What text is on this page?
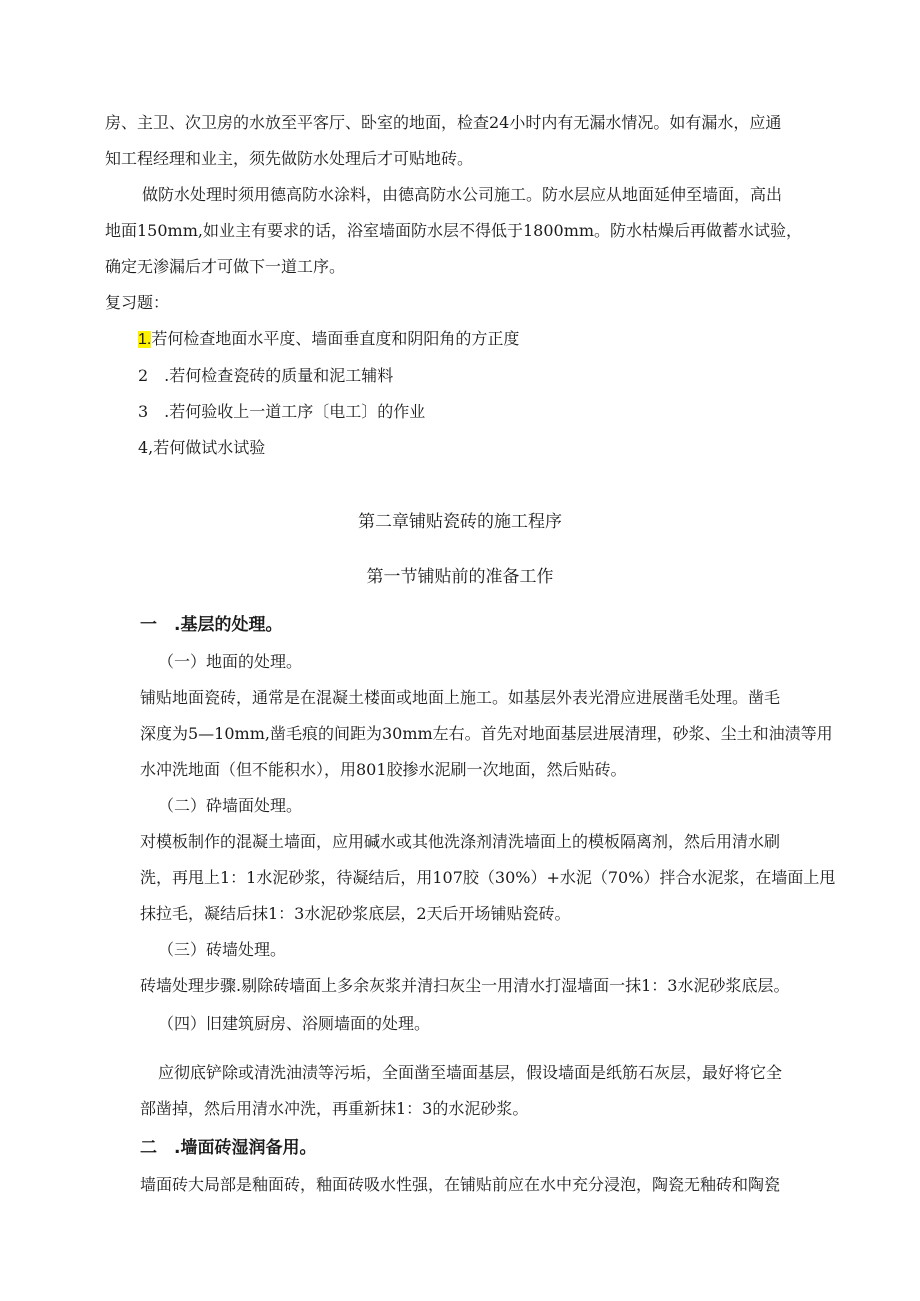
房、主卫、次卫房的水放至平客厅、卧室的地面，检查24小时内有无漏水情况。如有漏水，应通
知工程经理和业主，须先做防水处理后才可贴地砖。
做防水处理时须用德高防水涂料，由德高防水公司施工。防水层应从地面延伸至墙面，高出
地面150mm,如业主有要求的话，浴室墙面防水层不得低于1800mm。防水枯燥后再做蓄水试验，
确定无渗漏后才可做下一道工序。
复习题：
1.若何检查地面水平度、墙面垂直度和阴阳角的方正度
2　.若何检查瓷砖的质量和泥工辅料
3　.若何验收上一道工序〔电工〕的作业
4,若何做试水试验
第二章铺贴瓷砖的施工程序
第一节铺贴前的准备工作
一　.基层的处理。
（一）地面的处理。
铺贴地面瓷砖，通常是在混凝土楼面或地面上施工。如基层外表光滑应进展凿毛处理。凿毛
深度为5—10mm,凿毛痕的间距为30mm左右。首先对地面基层进展清理，砂浆、尘土和油渍等用
水冲洗地面（但不能积水），用801胶掺水泥刷一次地面，然后贴砖。
（二）砕墙面处理。
对模板制作的混凝土墙面，应用碱水或其他洗涤剂清洗墙面上的模板隔离剂，然后用清水刷
洗，再甩上1：1水泥砂浆，待凝结后，用107胶（30%）+水泥（70%）拌合水泥浆，在墙面上甩
抹拉毛，凝结后抹1：3水泥砂浆底层，2天后开场铺贴瓷砖。
（三）砖墙处理。
砖墙处理步骤.剔除砖墙面上多余灰浆并清扫灰尘一用清水打湿墙面一抹1：3水泥砂浆底层。
（四）旧建筑厨房、浴厕墙面的处理。
应彻底铲除或清洗油渍等污垢，全面凿至墙面基层，假设墙面是纸筋石灰层，最好将它全
部凿掉，然后用清水冲洗，再重新抹1：3的水泥砂浆。
二　.墙面砖湿润备用。
墙面砖大局部是釉面砖，釉面砖吸水性强，在铺贴前应在水中充分浸泡，陶瓷无釉砖和陶瓷
